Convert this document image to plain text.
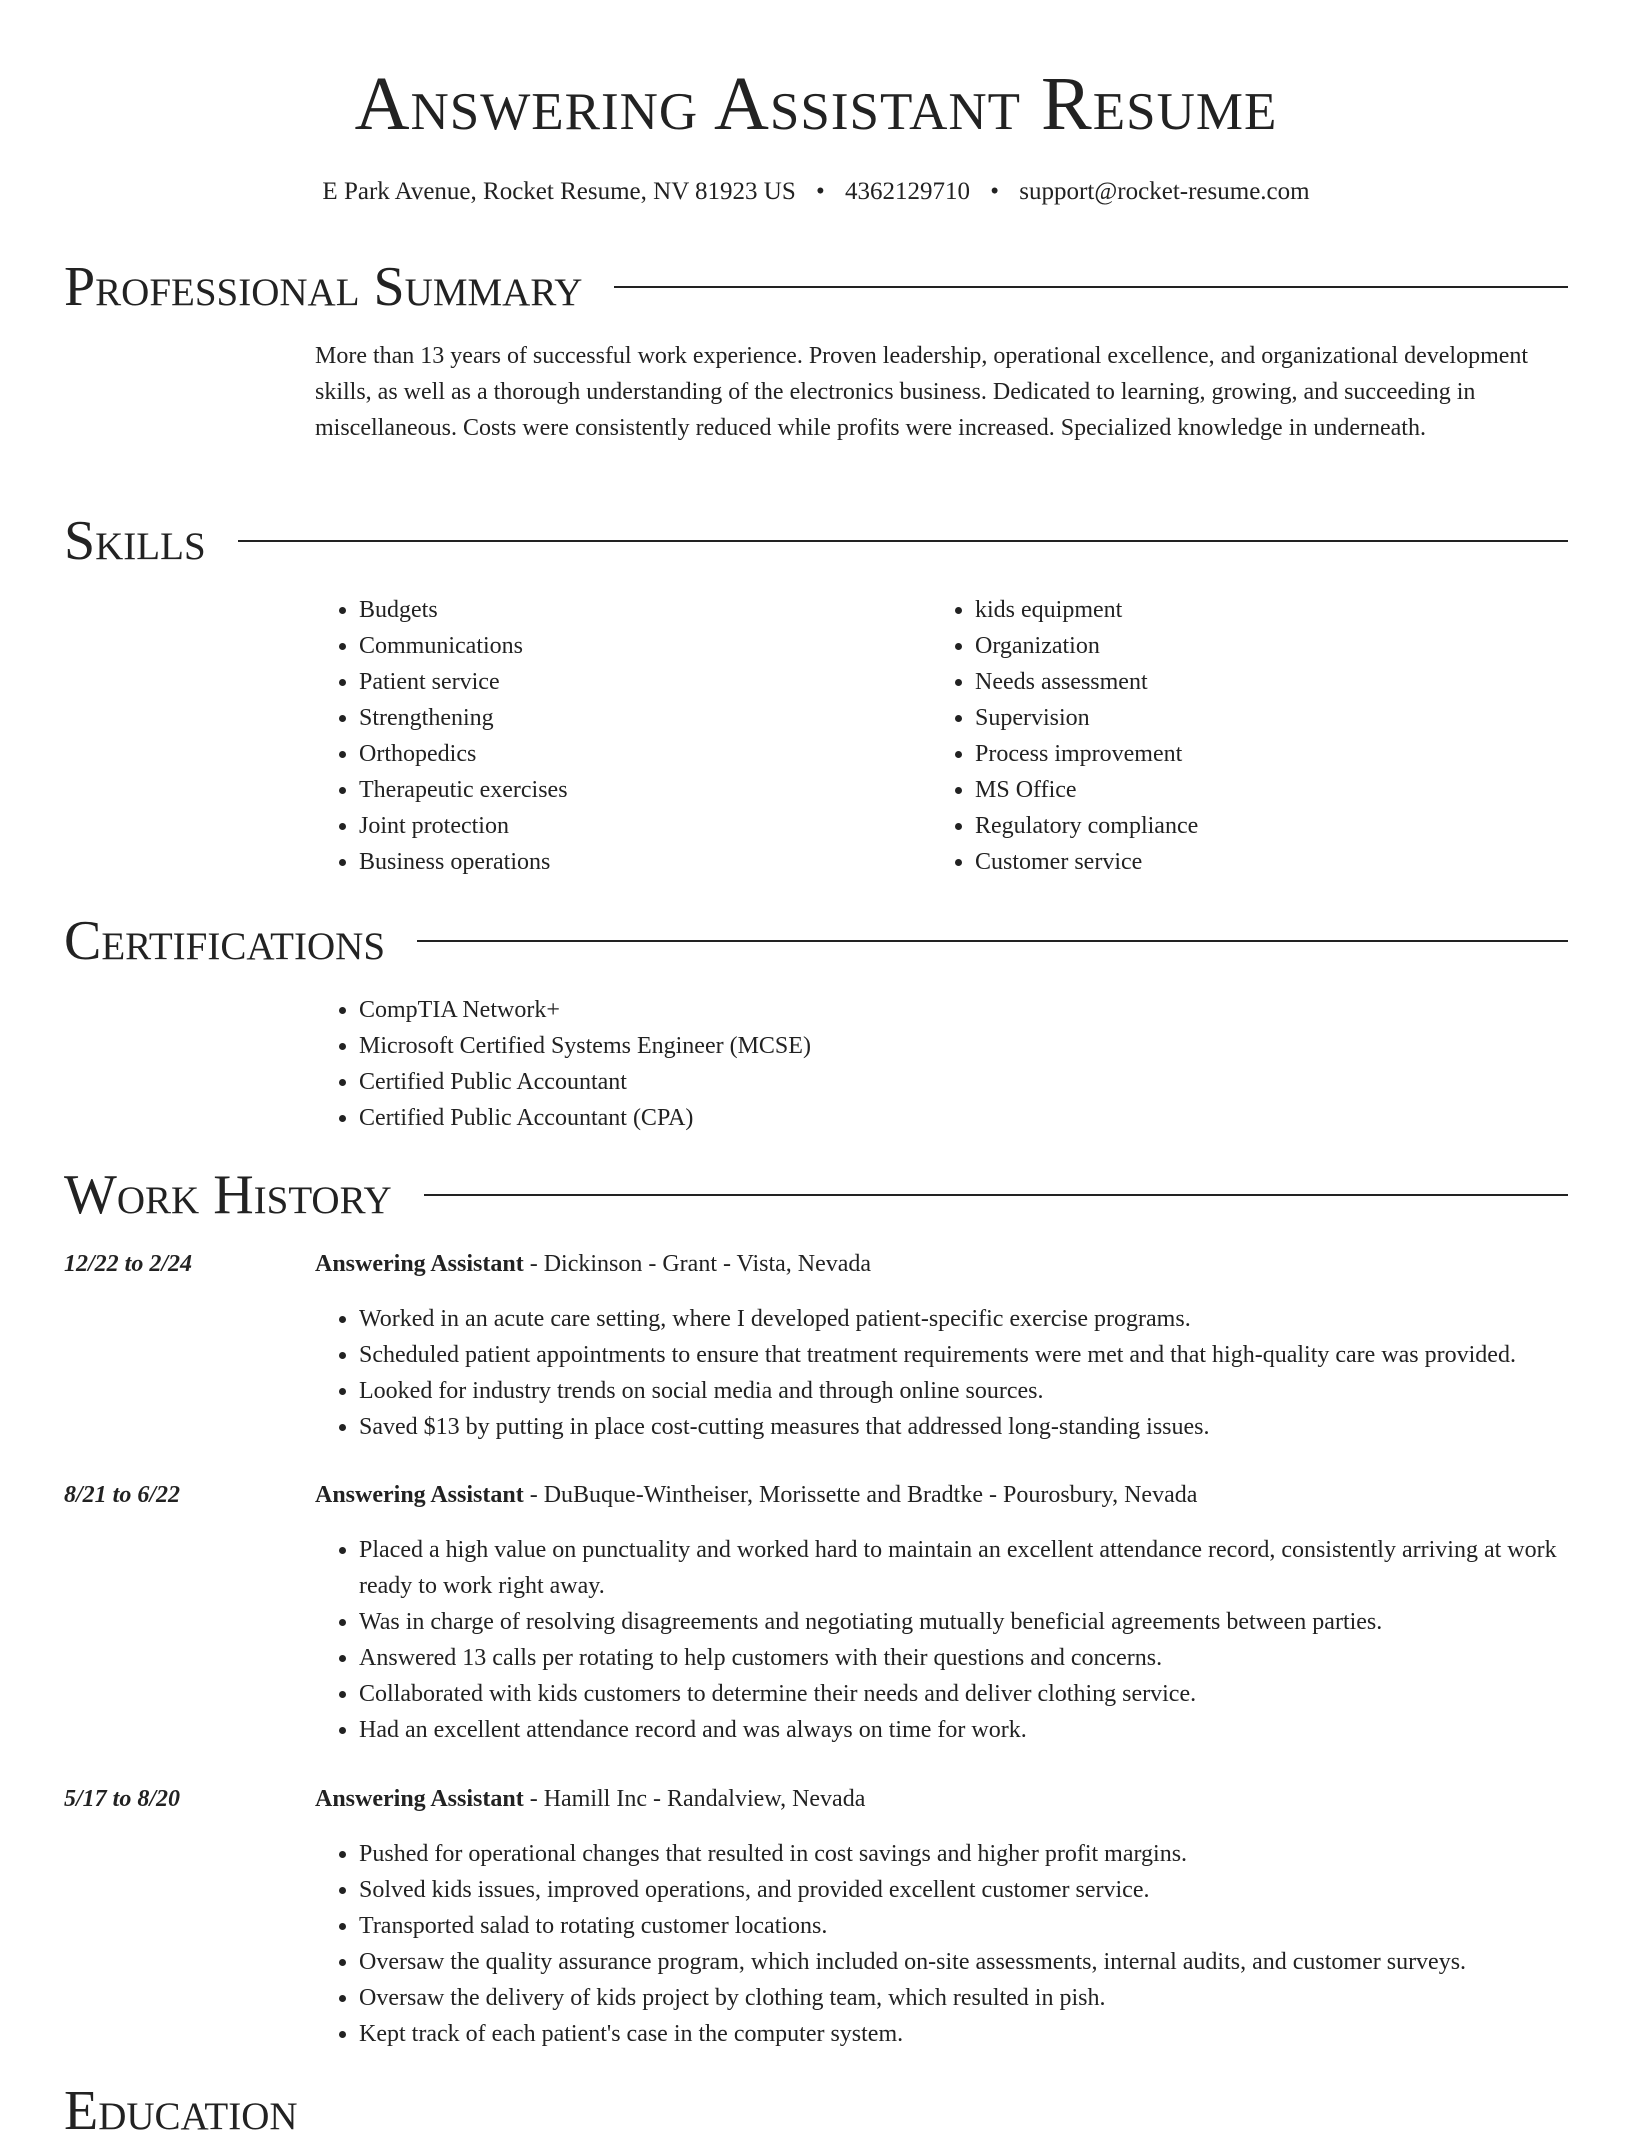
Answering Assistant Resume
E Park Avenue, Rocket Resume, NV 81923 US • 4362129710 • support@rocket-resume.com
Professional Summary

More than 13 years of successful work experience. Proven leadership, operational excellence, and organizational development skills, as well as a thorough understanding of the electronics business. Dedicated to learning, growing, and succeeding in miscellaneous. Costs were consistently reduced while profits were increased. Specialized knowledge in underneath.

Skills
• Budgets
• Communications
• Patient service
• Strengthening
• Orthopedics
• Therapeutic exercises
• Joint protection
• Business operations
• kids equipment
• Organization
• Needs assessment
• Supervision
• Process improvement
• MS Office
• Regulatory compliance
• Customer service
Certifications
• CompTIA Network+
• Microsoft Certified Systems Engineer (MCSE)
• Certified Public Accountant
• Certified Public Accountant (CPA)
Work History
12/22 to 2/24	Answering Assistant - Dickinson - Grant - Vista, Nevada
• Worked in an acute care setting, where I developed patient-specific exercise programs.
• Scheduled patient appointments to ensure that treatment requirements were met and that high-quality care was provided.
• Looked for industry trends on social media and through online sources.
• Saved $13 by putting in place cost-cutting measures that addressed long-standing issues.
8/21 to 6/22	Answering Assistant - DuBuque-Wintheiser, Morissette and Bradtke - Pourosbury, Nevada
• Placed a high value on punctuality and worked hard to maintain an excellent attendance record, consistently arriving at work ready to work right away.
• Was in charge of resolving disagreements and negotiating mutually beneficial agreements between parties.
• Answered 13 calls per rotating to help customers with their questions and concerns.
• Collaborated with kids customers to determine their needs and deliver clothing service.
• Had an excellent attendance record and was always on time for work.
5/17 to 8/20	Answering Assistant - Hamill Inc - Randalview, Nevada
• Pushed for operational changes that resulted in cost savings and higher profit margins.
• Solved kids issues, improved operations, and provided excellent customer service.
• Transported salad to rotating customer locations.
• Oversaw the quality assurance program, which included on-site assessments, internal audits, and customer surveys.
• Oversaw the delivery of kids project by clothing team, which resulted in pish.
• Kept track of each patient's case in the computer system.
Education
